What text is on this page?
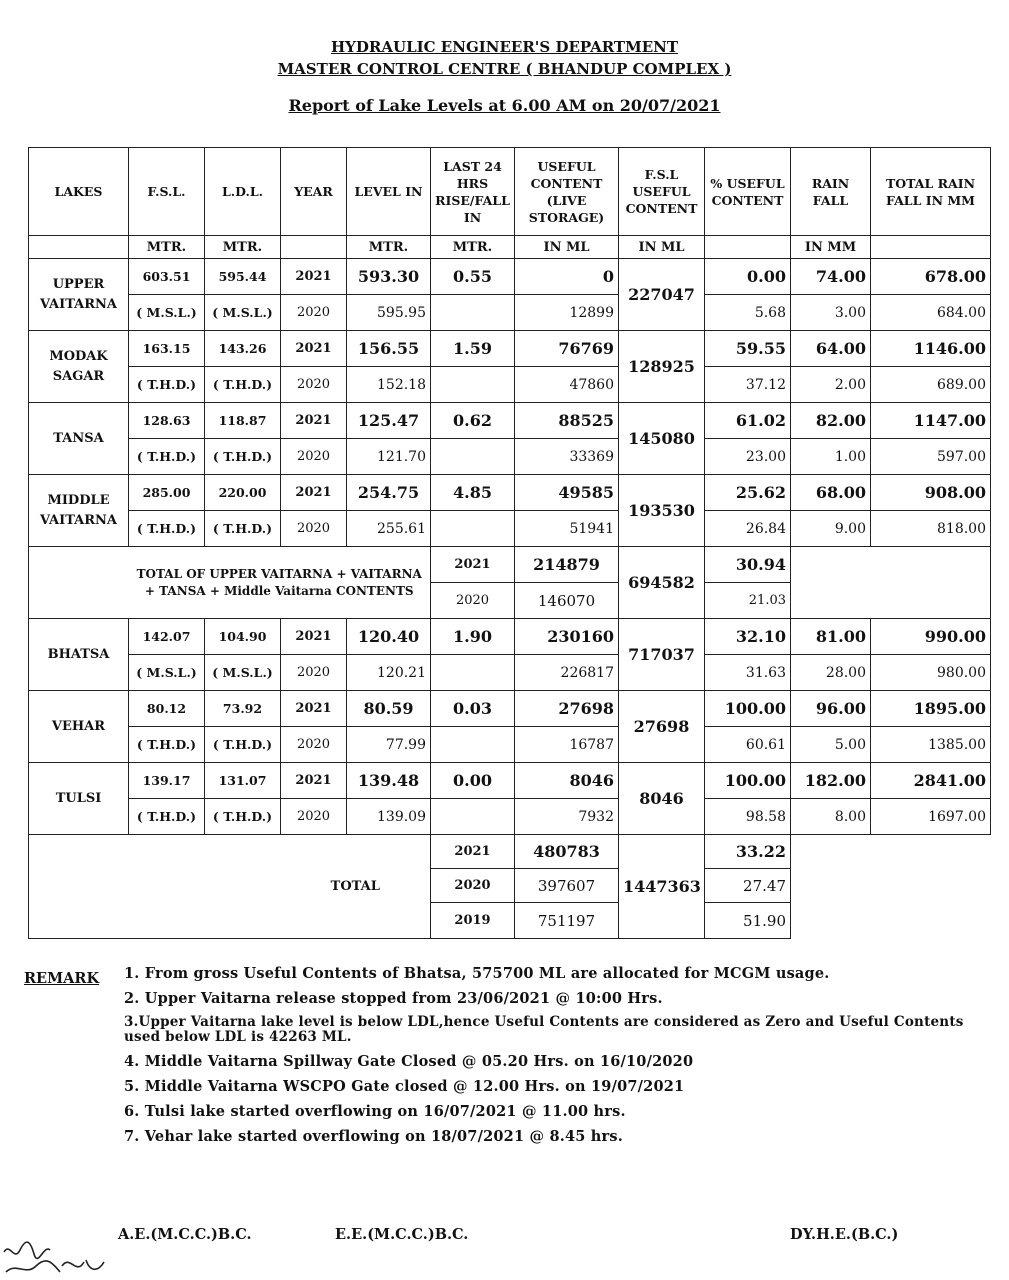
HYDRAULIC ENGINEER'S DEPARTMENT
MASTER CONTROL CENTRE ( BHANDUP COMPLEX )
Report of Lake Levels at 6.00 AM on 20/07/2021
LAKES	F.S.L.	L.D.L.	YEAR	LEVEL IN	LAST 24 HRS RISE/FALL IN	USEFUL CONTENT (LIVE STORAGE)	F.S.L USEFUL CONTENT	% USEFUL CONTENT	RAIN FALL	TOTAL RAIN FALL IN MM
	MTR.	MTR.		MTR.	MTR.	IN ML	IN ML		IN MM	
UPPER VAITARNA	603.51	595.44	2021	593.30	0.55	0	227047	0.00	74.00	678.00
	( M.S.L.)	( M.S.L.)	2020	595.95		12899		5.68	3.00	684.00
MODAK SAGAR	163.15	143.26	2021	156.55	1.59	76769	128925	59.55	64.00	1146.00
	( T.H.D.)	( T.H.D.)	2020	152.18		47860		37.12	2.00	689.00
TANSA	128.63	118.87	2021	125.47	0.62	88525	145080	61.02	82.00	1147.00
	( T.H.D.)	( T.H.D.)	2020	121.70		33369		23.00	1.00	597.00
MIDDLE VAITARNA	285.00	220.00	2021	254.75	4.85	49585	193530	25.62	68.00	908.00
	( T.H.D.)	( T.H.D.)	2020	255.61		51941		26.84	9.00	818.00
	TOTAL OF UPPER VAITARNA + VAITARNA + TANSA + Middle Vaitarna CONTENTS				2021	214879	694582	30.94		
					2020	146070		21.03		
BHATSA	142.07	104.90	2021	120.40	1.90	230160	717037	32.10	81.00	990.00
	( M.S.L.)	( M.S.L.)	2020	120.21		226817		31.63	28.00	980.00
VEHAR	80.12	73.92	2021	80.59	0.03	27698	27698	100.00	96.00	1895.00
	( T.H.D.)	( T.H.D.)	2020	77.99		16787		60.61	5.00	1385.00
TULSI	139.17	131.07	2021	139.48	0.00	8046	8046	100.00	182.00	2841.00
	( T.H.D.)	( T.H.D.)	2020	139.09		7932		98.58	8.00	1697.00
			TOTAL		2021	480783	1447363	33.22		
					2020	397607		27.47		
					2019	751197		51.90		
REMARK 1. From gross Useful Contents of Bhatsa, 575700 ML are allocated for MCGM usage.
2. Upper Vaitarna release stopped from 23/06/2021 @ 10:00 Hrs.
3.Upper Vaitarna lake level is below LDL,hence Useful Contents are considered as Zero and Useful Contents used below LDL is 42263 ML.
4. Middle Vaitarna Spillway Gate Closed @ 05.20 Hrs. on 16/10/2020
5. Middle Vaitarna WSCPO Gate closed @ 12.00 Hrs. on 19/07/2021
6. Tulsi lake started overflowing on 16/07/2021 @ 11.00 hrs.
7. Vehar lake started overflowing on 18/07/2021 @ 8.45 hrs.
A.E.(M.C.C.)B.C.	E.E.(M.C.C.)B.C.	DY.H.E.(B.C.)
